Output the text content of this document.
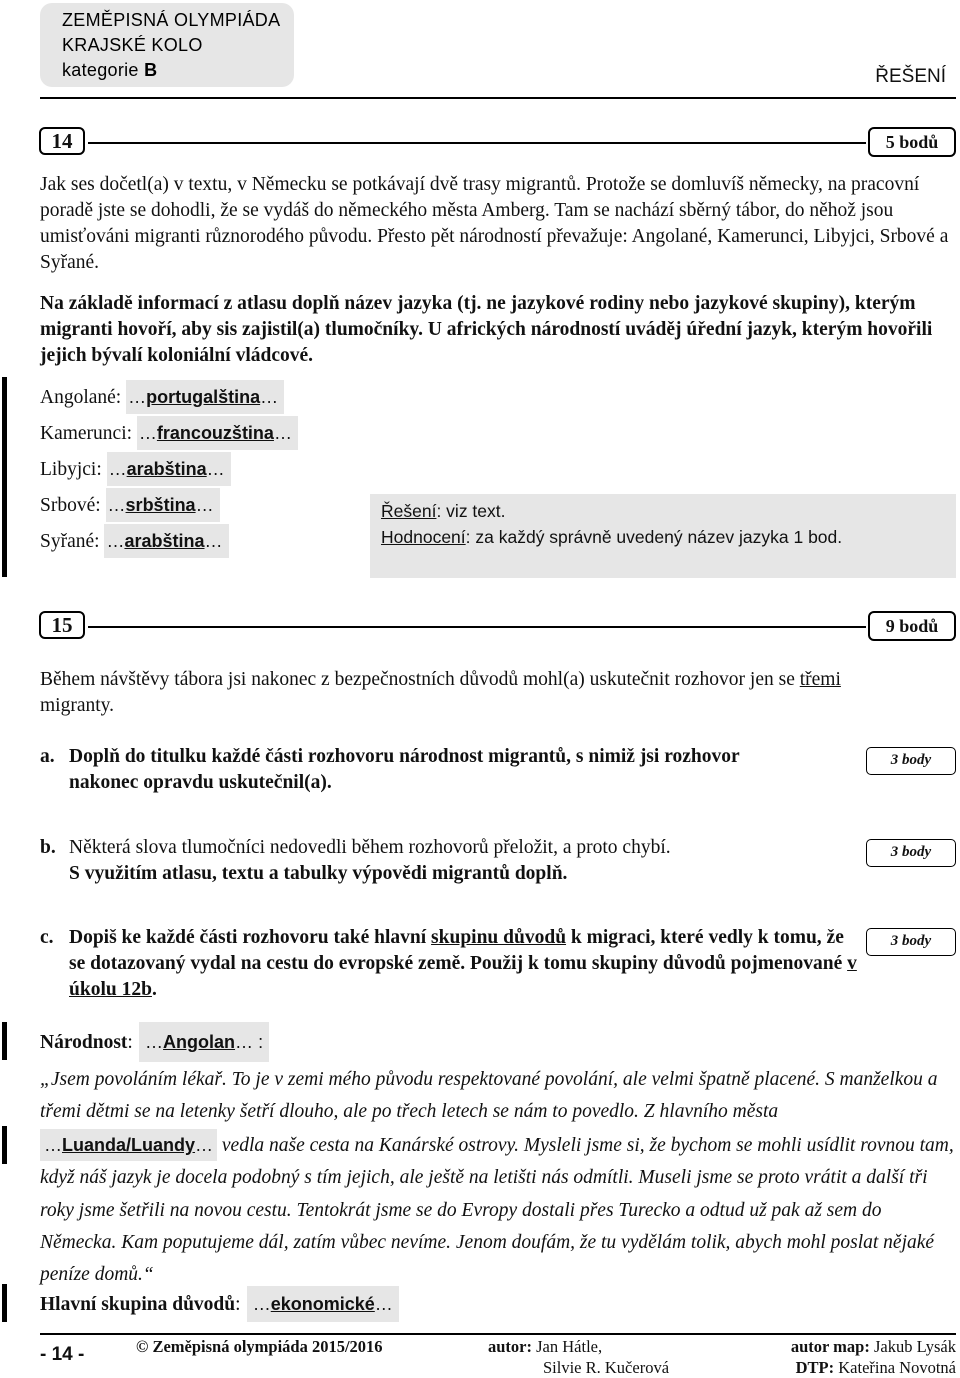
ZEMĚPISNÁ OLYMPIÁDA
KRAJSKÉ KOLO
kategorie B	ŘEŠENÍ
14	5 bodů
Jak ses dočetl(a) v textu, v Německu se potkávají dvě trasy migrantů. Protože se domluvíš německy, na pracovní poradě jste se dohodli, že se vydáš do německého města Amberg. Tam se nachází sběrný tábor, do něhož jsou umisťováni migranti různorodého původu. Přesto pět národností převažuje: Angolané, Kamerunci, Libyjci, Srbové a Syřané.
Na základě informací z atlasu doplň název jazyka (tj. ne jazykové rodiny nebo jazykové skupiny), kterým migranti hovoří, aby sis zajistil(a) tlumočníky. U afrických národností uváděj úřední jazyk, kterým hovořili jejich bývalí koloniální vládcové.
Angolané: …portugalština…
Kamerunci: …francouzština…
Libyjci: …arabština…
Srbové: …srbština…
Syřané: …arabština…
Řešení: viz text.
Hodnocení: za každý správně uvedený název jazyka 1 bod.
15	9 bodů
Během návštěvy tábora jsi nakonec z bezpečnostních důvodů mohl(a) uskutečnit rozhovor jen se třemi migranty.
a. Doplň do titulku každé části rozhovoru národnost migrantů, s nimiž jsi rozhovor nakonec opravdu uskutečnil(a).
3 body
b. Některá slova tlumočníci nedovedli během rozhovorů přeložit, a proto chybí.
S využitím atlasu, textu a tabulky výpovědi migrantů doplň.
3 body
c. Dopiš ke každé části rozhovoru také hlavní skupinu důvodů k migraci, které vedly k tomu, že se dotazovaný vydal na cestu do evropské země. Použij k tomu skupiny důvodů pojmenované v úkolu 12b.
3 body
Národnost: …Angolan… :
„Jsem povoláním lékař. To je v zemi mého původu respektované povolání, ale velmi špatně placené. S manželkou a třemi dětmi se na letenky šetří dlouho, ale po třech letech se nám to povedlo. Z hlavního města …Luanda/Luandy… vedla naše cesta na Kanárské ostrovy. Mysleli jsme si, že bychom se mohli usídlit rovnou tam, když náš jazyk je docela podobný s tím jejich, ale ještě na letišti nás odmítli. Museli jsme se proto vrátit a další tři roky jsme šetřili na novou cestu. Tentokrát jsme se do Evropy dostali přes Turecko a odtud už pak až sem do Německa. Kam poputujeme dál, zatím vůbec nevíme. Jenom doufám, že tu vydělám tolik, abych mohl poslat nějaké peníze domů.“
Hlavní skupina důvodů: …ekonomické…
- 14 -	© Zeměpisná olympiáda 2015/2016	autor: Jan Hátle,
Silvie R. Kučerová
autor map: Jakub Lysák
DTP: Kateřina Novotná
